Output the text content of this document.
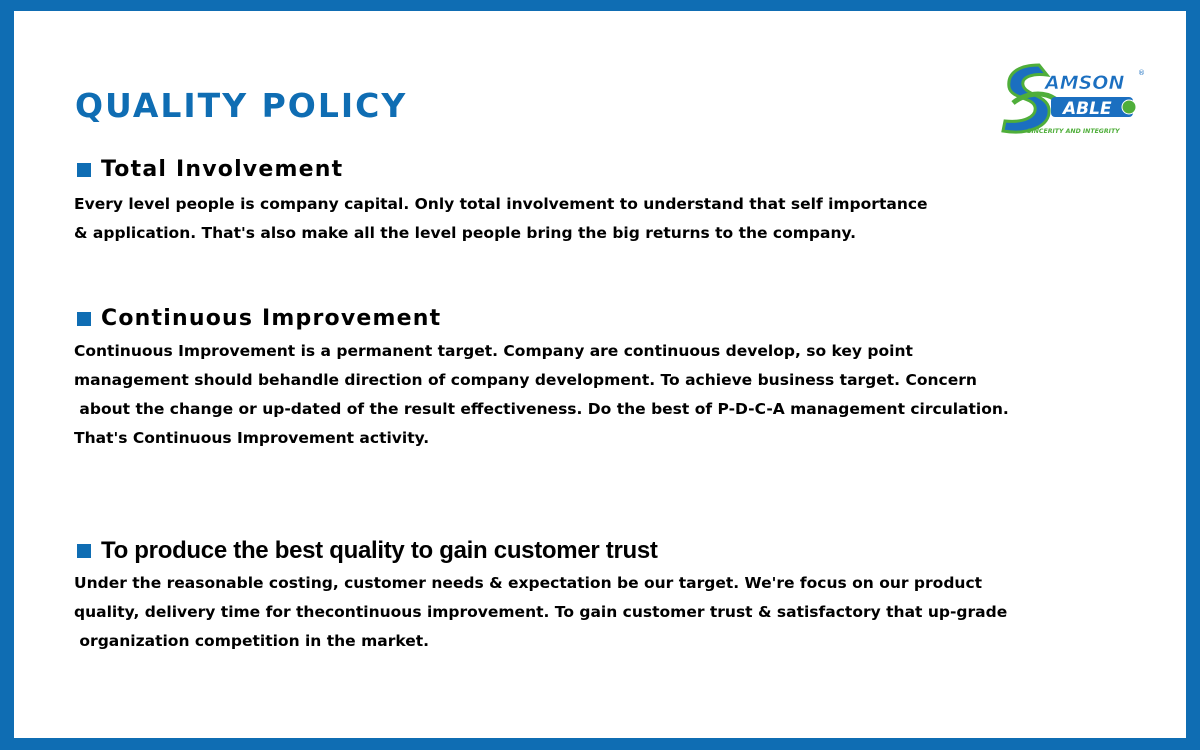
QUALITY POLICY
AMSON ®
ABLE
SINCERITY AND INTEGRITY
Total Involvement

Every level people is company capital. Only total involvement to understand that self importance

& application. That's also make all the level people bring the big returns to the company.

Continuous Improvement

Continuous Improvement is a permanent target. Company are continuous develop, so key point

management should behandle direction of company development. To achieve business target. Concern

about the change or up-dated of the result effectiveness. Do the best of P-D-C-A management circulation.

That's Continuous Improvement activity.

To produce the best quality to gain customer trust

Under the reasonable costing, customer needs & expectation be our target. We're focus on our product

quality, delivery time for thecontinuous improvement. To gain customer trust & satisfactory that up-grade

organization competition in the market.
